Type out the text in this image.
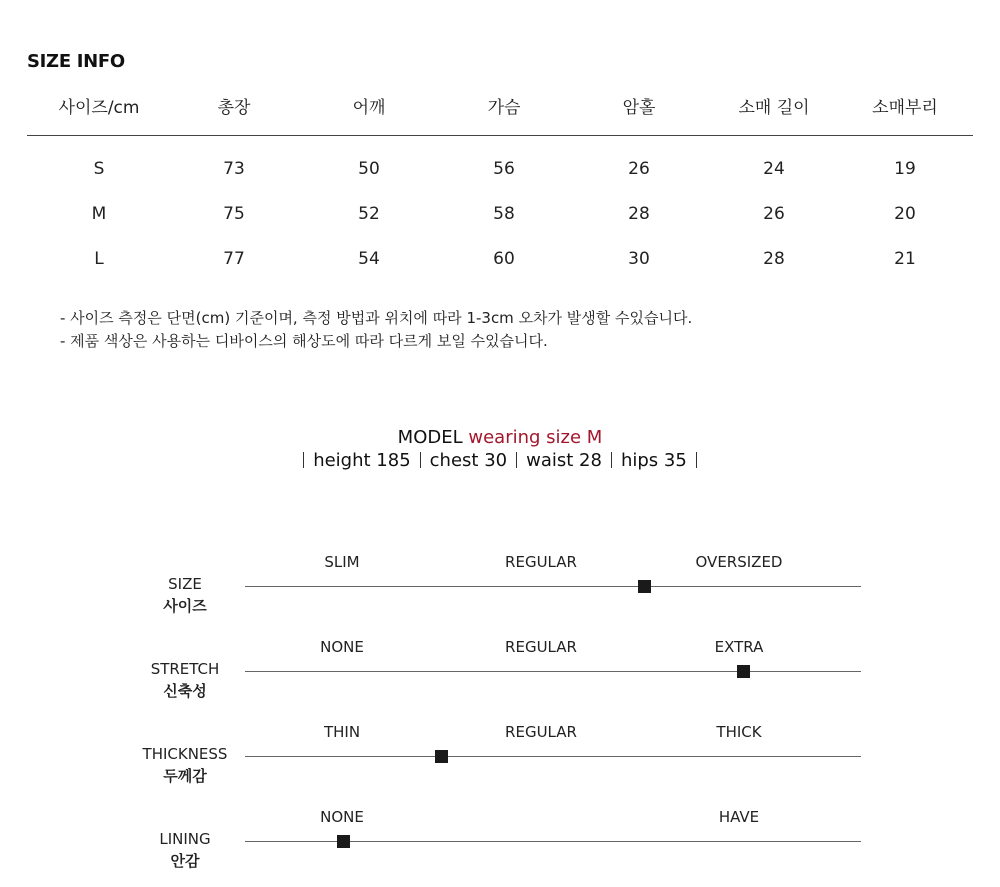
SIZE INFO
사이즈/cm	총장	어깨	가슴	암홀	소매 길이	소매부리
S	73	50	56	26	24	19
M	75	52	58	28	26	20
L	77	54	60	30	28	21
- 사이즈 측정은 단면(cm) 기준이며, 측정 방법과 위치에 따라 1-3cm 오차가 발생할 수있습니다.
- 제품 색상은 사용하는 디바이스의 해상도에 따라 다르게 보일 수있습니다.
MODEL wearing size M
height 185 chest 30 waist 28 hips 35
SIZE
사이즈
SLIM	REGULAR	OVERSIZED
STRETCH
신축성
NONE	REGULAR	EXTRA
THICKNESS
두께감
THIN	REGULAR	THICK
LINING
안감
NONE	HAVE
